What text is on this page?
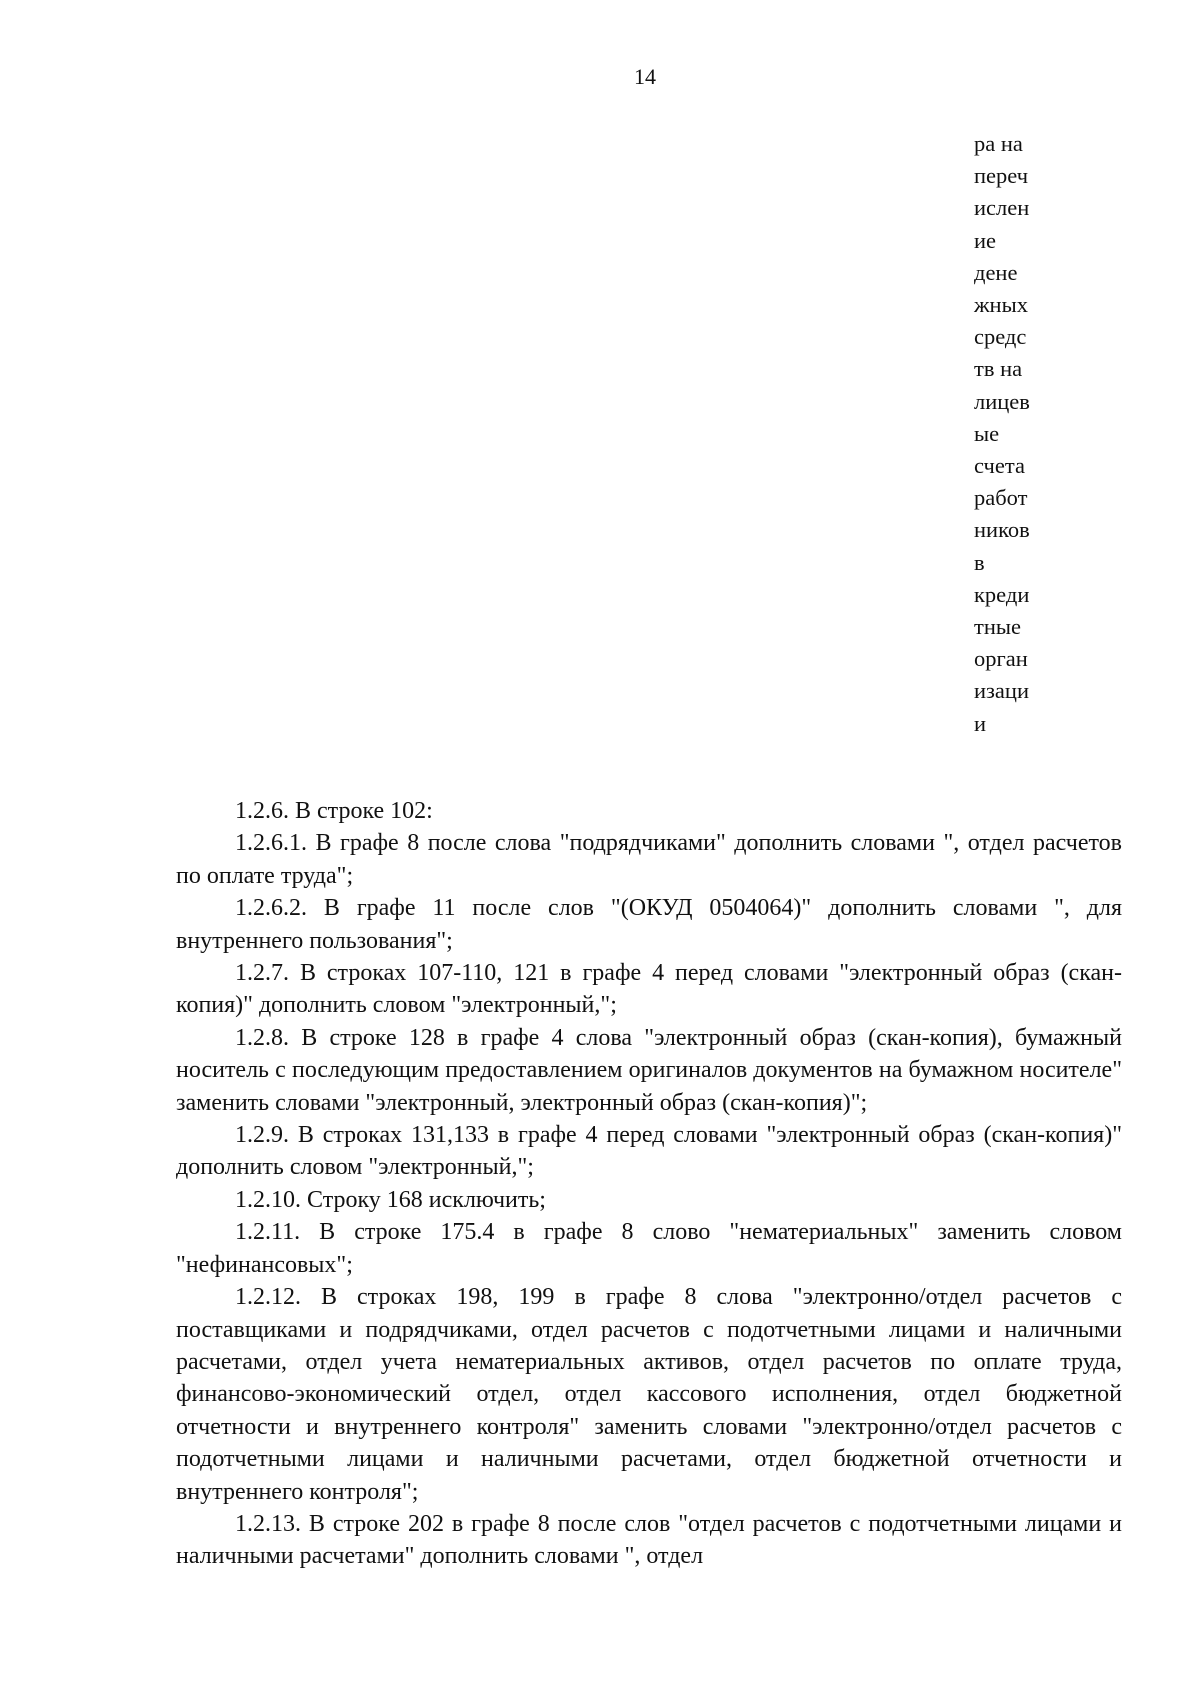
14
ра на
переч
ислен
ие
дене
жных
средс
тв на
лицев
ые
счета
работ
ников
в
креди
тные
орган
изаци
и

1.2.6. В строке 102:

1.2.6.1. В графе 8 после слова "подрядчиками" дополнить словами ", отдел расчетов по оплате труда";

1.2.6.2. В графе 11 после слов "(ОКУД 0504064)" дополнить словами ", для внутреннего пользования";

1.2.7. В строках 107-110, 121 в графе 4 перед словами "электронный образ (скан-копия)" дополнить словом "электронный,";

1.2.8. В строке 128 в графе 4 слова "электронный образ (скан-копия), бумажный носитель с последующим предоставлением оригиналов документов на бумажном носителе" заменить словами "электронный, электронный образ (скан-копия)";

1.2.9. В строках 131,133 в графе 4 перед словами "электронный образ (скан-копия)" дополнить словом "электронный,";

1.2.10. Строку 168 исключить;

1.2.11. В строке 175.4 в графе 8 слово "нематериальных" заменить словом "нефинансовых";

1.2.12. В строках 198, 199 в графе 8 слова "электронно/отдел расчетов с поставщиками и подрядчиками, отдел расчетов с подотчетными лицами и наличными расчетами, отдел учета нематериальных активов, отдел расчетов по оплате труда, финансово-экономический отдел, отдел кассового исполнения, отдел бюджетной отчетности и внутреннего контроля" заменить словами "электронно/отдел расчетов с подотчетными лицами и наличными расчетами, отдел бюджетной отчетности и внутреннего контроля";

1.2.13. В строке 202 в графе 8 после слов "отдел расчетов с подотчетными лицами и наличными расчетами" дополнить словами ", отдел
